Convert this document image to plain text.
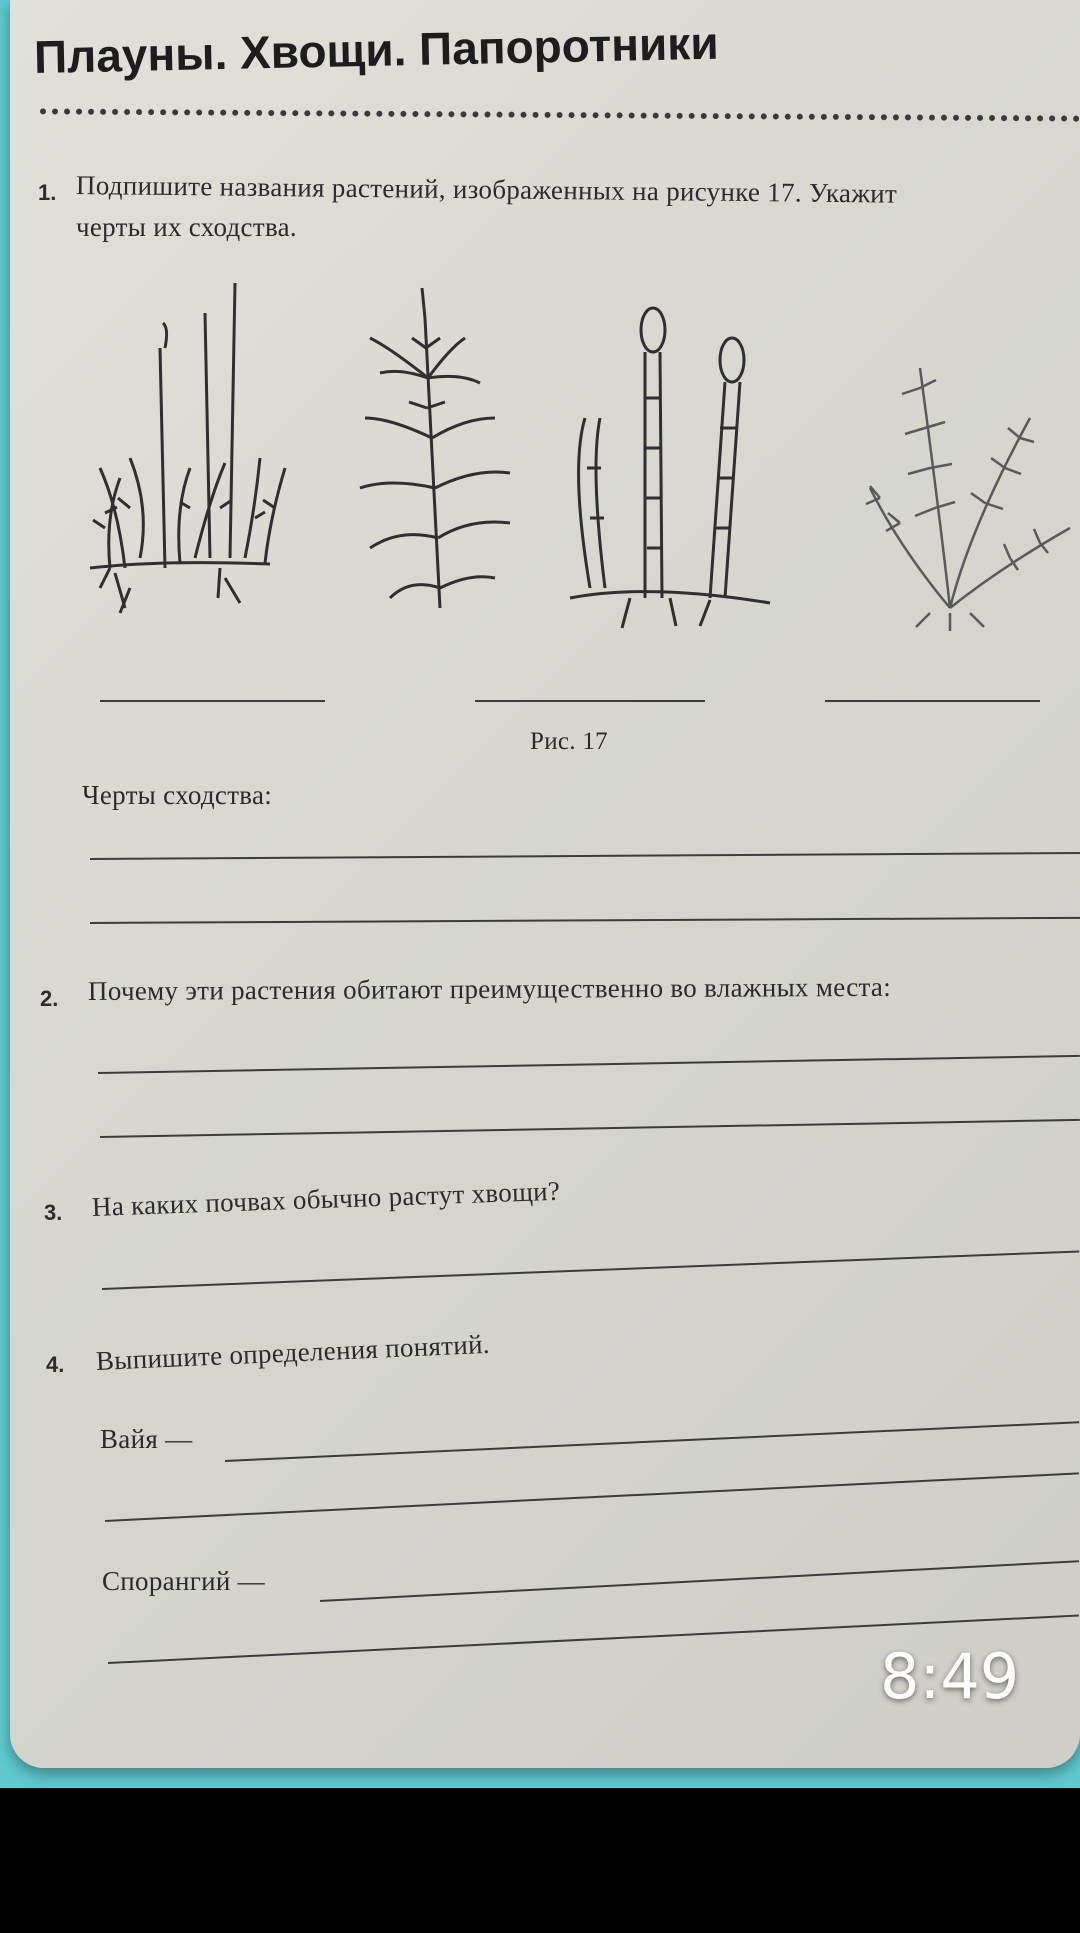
Плауны. Хвощи. Папоротники
1. Подпишите названия растений, изображенных на рисунке 17. Укажит
черты их сходства.
Рис. 17
Черты сходства:
2. Почему эти растения обитают преимущественно во влажных места:
3. На каких почвах обычно растут хвощи?
4. Выпишите определения понятий.
Вайя —
Спорангий —
8:49
